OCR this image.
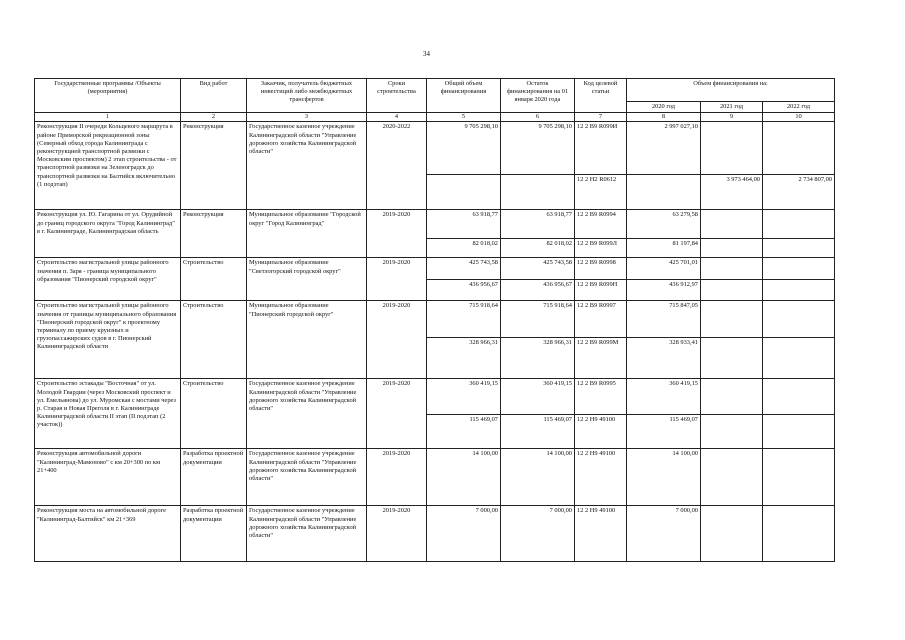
34
Государственные программы /Объекты (мероприятия)	Вид работ	Заказчик, получатель бюджетных инвестиций либо межбюджетных трансфертов	Сроки строительства	Общий объем финансирования	Остаток финансирования на 01 января 2020 года	Код целевой статьи	Объем финансирования на:		
							2020 год	2021 год	2022 год
1	2	3	4	5	6	7	8	9	10
Реконструкция II очереди Кольцевого маршрута в районе Приморской рекреационной зоны (Северный обход города Калининграда с реконструкцией транспортной развязки с Московским проспектом) 2 этап строительства - от транспортной развязки на Зеленоградск до транспортной развязки на Балтийск включительно (1 подэтап)	Реконструкция	Государственное казенное учреждение Калининградской области "Управление дорожного хозяйства Калининградской области"	2020-2022	9 705 298,10	9 705 298,10	12 2 B9 R099И	2 997 027,10		
						12 2 H2 R0612		3 973 464,00	2 734 807,00
Реконструкция ул. Ю. Гагарина от ул. Орудийной до границ городского округа "Город Калининград" в г. Калининграде, Калининградская область	Реконструкция	Муниципальное образование "Городской округ "Город Калининград"	2019-2020	63 918,77	63 918,77	12 2 B9 R0994	63 279,58		
				82 018,02	82 018,02	12 2 B9 R099Л	81 197,84		
Строительство магистральной улицы районного значения п. Заря - граница муниципального образования "Пионерский городской округ"	Строительство	Муниципальное образование "Светлогорский городской округ"	2019-2020	425 743,58	425 743,58	12 2 B9 R0998	425 701,01		
				436 956,67	436 956,67	12 2 B9 R099Н	436 912,97		
Строительство магистральной улицы районного значения от границы муниципального образования "Пионерский городской округ" к проектному терминалу по приему круизных и грузопассажирских судов в г. Пионерский Калининградской области	Строительство	Муниципальное образование "Пионерский городской округ"	2019-2020	715 918,64	715 918,64	12 2 B9 R0997	715 847,05		
				328 966,31	328 966,31	12 2 B9 R099М	328 933,41		
Строительство эстакады "Восточная" от ул. Молодой Гвардии (через Московский проспект и ул. Емельянова) до ул. Муромская с мостами через р. Старая и Новая Преголя в г. Калининграде Калининградской области II этап (II подэтап (2 участок))	Строительство	Государственное казенное учреждение Калининградской области "Управление дорожного хозяйства Калининградской области"	2019-2020	360 419,15	360 419,15	12 2 B9 R0995	360 419,15		
				115 469,07	115 469,07	12 2 H9 49100	115 469,07		
Реконструкция автомобильной дороги "Калининград-Мамоново" с км 20+300 по км 21+400	Разработка проектной документации	Государственное казенное учреждение Калининградской области "Управление дорожного хозяйства Калининградской области"	2019-2020	14 100,00	14 100,00	12 2 H9 49100	14 100,00		
Реконструкция моста на автомобильной дороге "Калининград-Балтийск" км 21+369	Разработка проектной документации	Государственное казенное учреждение Калининградской области "Управление дорожного хозяйства Калининградской области"	2019-2020	7 000,00	7 000,00	12 2 H9 49100	7 000,00		
